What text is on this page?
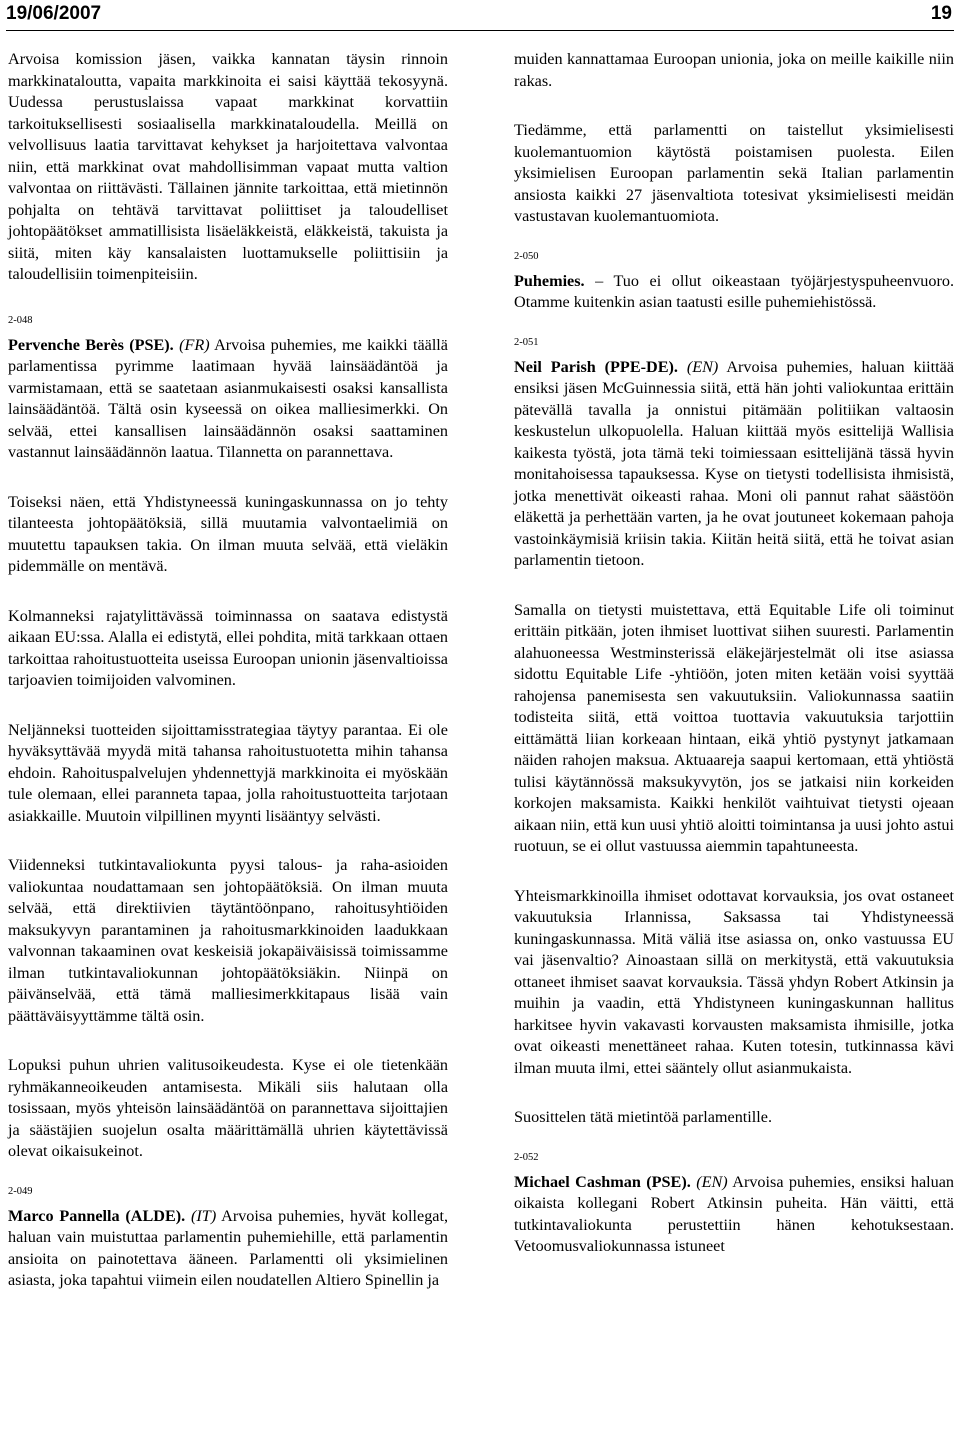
19/06/2007	19

Arvoisa komission jäsen, vaikka kannatan täysin rinnoin markkinataloutta, vapaita markkinoita ei saisi käyttää tekosyynä. Uudessa perustuslaissa vapaat markkinat korvattiin tarkoituksellisesti sosiaalisella markkinataloudella. Meillä on velvollisuus laatia tarvittavat kehykset ja harjoitettava valvontaa niin, että markkinat ovat mahdollisimman vapaat mutta valtion valvontaa on riittävästi. Tällainen jännite tarkoittaa, että mietinnön pohjalta on tehtävä tarvittavat poliittiset ja taloudelliset johtopäätökset ammatillisista lisäeläkkeistä, eläkkeistä, takuista ja siitä, miten käy kansalaisten luottamukselle poliittisiin ja taloudellisiin toimenpiteisiin.

2-048

Pervenche Berès (PSE). (FR) Arvoisa puhemies, me kaikki täällä parlamentissa pyrimme laatimaan hyvää lainsäädäntöä ja varmistamaan, että se saatetaan asianmukaisesti osaksi kansallista lainsäädäntöä. Tältä osin kyseessä on oikea malliesimerkki. On selvää, ettei kansallisen lainsäädännön osaksi saattaminen vastannut lainsäädännön laatua. Tilannetta on parannettava.

Toiseksi näen, että Yhdistyneessä kuningaskunnassa on jo tehty tilanteesta johtopäätöksiä, sillä muutamia valvontaelimiä on muutettu tapauksen takia. On ilman muuta selvää, että vieläkin pidemmälle on mentävä.

Kolmanneksi rajatylittävässä toiminnassa on saatava edistystä aikaan EU:ssa. Alalla ei edistytä, ellei pohdita, mitä tarkkaan ottaen tarkoittaa rahoitustuotteita useissa Euroopan unionin jäsenvaltioissa tarjoavien toimijoiden valvominen.

Neljänneksi tuotteiden sijoittamisstrategiaa täytyy parantaa. Ei ole hyväksyttävää myydä mitä tahansa rahoitustuotetta mihin tahansa ehdoin. Rahoituspalvelujen yhdennettyjä markkinoita ei myöskään tule olemaan, ellei paranneta tapaa, jolla rahoitustuotteita tarjotaan asiakkaille. Muutoin vilpillinen myynti lisääntyy selvästi.

Viidenneksi tutkintavaliokunta pyysi talous- ja raha-asioiden valiokuntaa noudattamaan sen johtopäätöksiä. On ilman muuta selvää, että direktiivien täytäntöönpano, rahoitusyhtiöiden maksukyvyn parantaminen ja rahoitusmarkkinoiden laadukkaan valvonnan takaaminen ovat keskeisiä jokapäiväisissä toimissamme ilman tutkintavaliokunnan johtopäätöksiäkin. Niinpä on päivänselvää, että tämä malliesimerkkitapaus lisää vain päättäväisyyttämme tältä osin.

Lopuksi puhun uhrien valitusoikeudesta. Kyse ei ole tietenkään ryhmäkanneoikeuden antamisesta. Mikäli siis halutaan olla tosissaan, myös yhteisön lainsäädäntöä on parannettava sijoittajien ja säästäjien suojelun osalta määrittämällä uhrien käytettävissä olevat oikaisukeinot.

2-049

Marco Pannella (ALDE). (IT) Arvoisa puhemies, hyvät kollegat, haluan vain muistuttaa parlamentin puhemiehille, että parlamentin ansioita on painotettava ääneen. Parlamentti oli yksimielinen asiasta, joka tapahtui viimein eilen noudatellen Altiero Spinellin ja

muiden kannattamaa Euroopan unionia, joka on meille kaikille niin rakas.

Tiedämme, että parlamentti on taistellut yksimielisesti kuolemantuomion käytöstä poistamisen puolesta. Eilen yksimielisen Euroopan parlamentin sekä Italian parlamentin ansiosta kaikki 27 jäsenvaltiota totesivat yksimielisesti meidän vastustavan kuolemantuomiota.

2-050

Puhemies. – Tuo ei ollut oikeastaan työjärjestyspuheenvuoro. Otamme kuitenkin asian taatusti esille puhemiehistössä.

2-051

Neil Parish (PPE-DE). (EN) Arvoisa puhemies, haluan kiittää ensiksi jäsen McGuinnessia siitä, että hän johti valiokuntaa erittäin pätevällä tavalla ja onnistui pitämään politiikan valtaosin keskustelun ulkopuolella. Haluan kiittää myös esittelijä Wallisia kaikesta työstä, jota tämä teki toimiessaan esittelijänä tässä hyvin monitahoisessa tapauksessa. Kyse on tietysti todellisista ihmisistä, jotka menettivät oikeasti rahaa. Moni oli pannut rahat säästöön eläkettä ja perhettään varten, ja he ovat joutuneet kokemaan pahoja vastoinkäymisiä kriisin takia. Kiitän heitä siitä, että he toivat asian parlamentin tietoon.

Samalla on tietysti muistettava, että Equitable Life oli toiminut erittäin pitkään, joten ihmiset luottivat siihen suuresti. Parlamentin alahuoneessa Westminsterissä eläkejärjestelmät oli itse asiassa sidottu Equitable Life -yhtiöön, joten miten ketään voisi syyttää rahojensa panemisesta sen vakuutuksiin. Valiokunnassa saatiin todisteita siitä, että voittoa tuottavia vakuutuksia tarjottiin eittämättä liian korkeaan hintaan, eikä yhtiö pystynyt jatkamaan näiden rahojen maksua. Aktuaareja saapui kertomaan, että yhtiöstä tulisi käytännössä maksukyvytön, jos se jatkaisi niin korkeiden korkojen maksamista. Kaikki henkilöt vaihtuivat tietysti ojeaan aikaan niin, että kun uusi yhtiö aloitti toimintansa ja uusi johto astui ruotuun, se ei ollut vastuussa aiemmin tapahtuneesta.

Yhteismarkkinoilla ihmiset odottavat korvauksia, jos ovat ostaneet vakuutuksia Irlannissa, Saksassa tai Yhdistyneessä kuningaskunnassa. Mitä väliä itse asiassa on, onko vastuussa EU vai jäsenvaltio? Ainoastaan sillä on merkitystä, että vakuutuksia ottaneet ihmiset saavat korvauksia. Tässä yhdyn Robert Atkinsin ja muihin ja vaadin, että Yhdistyneen kuningaskunnan hallitus harkitsee hyvin vakavasti korvausten maksamista ihmisille, jotka ovat oikeasti menettäneet rahaa. Kuten totesin, tutkinnassa kävi ilman muuta ilmi, ettei sääntely ollut asianmukaista.

Suosittelen tätä mietintöä parlamentille.

2-052

Michael Cashman (PSE). (EN) Arvoisa puhemies, ensiksi haluan oikaista kollegani Robert Atkinsin puheita. Hän väitti, että tutkintavaliokunta perustettiin hänen kehotuksestaan. Vetoomusvaliokunnassa istuneet
